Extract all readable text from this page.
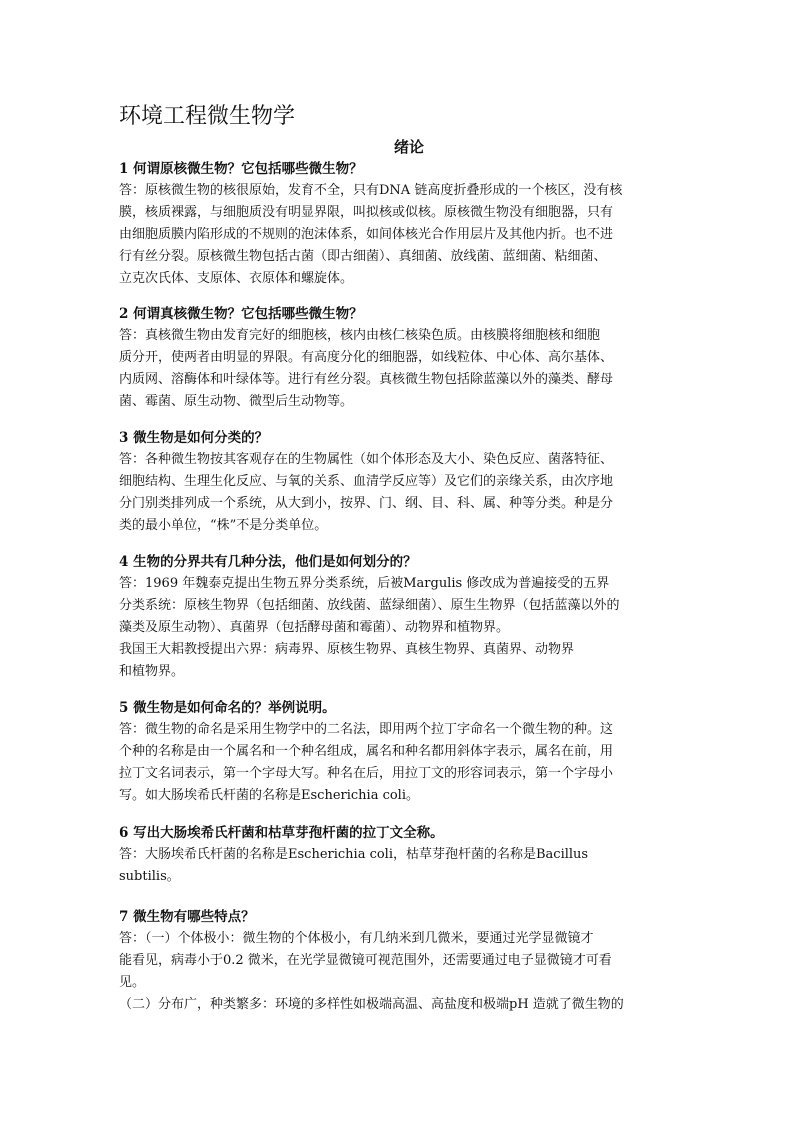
环境工程微生物学
绪论

1 何谓原核微生物？它包括哪些微生物？

答：原核微生物的核很原始，发育不全，只有DNA 链高度折叠形成的一个核区，没有核

膜，核质裸露，与细胞质没有明显界限，叫拟核或似核。原核微生物没有细胞器，只有

由细胞质膜内陷形成的不规则的泡沫体系，如间体核光合作用层片及其他内折。也不进

行有丝分裂。原核微生物包括古菌（即古细菌）、真细菌、放线菌、蓝细菌、粘细菌、

立克次氏体、支原体、衣原体和螺旋体。

2 何谓真核微生物？它包括哪些微生物？

答：真核微生物由发育完好的细胞核，核内由核仁核染色质。由核膜将细胞核和细胞

质分开，使两者由明显的界限。有高度分化的细胞器，如线粒体、中心体、高尔基体、

内质网、溶酶体和叶绿体等。进行有丝分裂。真核微生物包括除蓝藻以外的藻类、酵母

菌、霉菌、原生动物、微型后生动物等。

3 微生物是如何分类的？

答：各种微生物按其客观存在的生物属性（如个体形态及大小、染色反应、菌落特征、

细胞结构、生理生化反应、与氧的关系、血清学反应等）及它们的亲缘关系，由次序地

分门别类排列成一个系统，从大到小，按界、门、纲、目、科、属、种等分类。种是分

类的最小单位，“株”不是分类单位。

4 生物的分界共有几种分法，他们是如何划分的？

答：1969 年魏泰克提出生物五界分类系统，后被Margulis 修改成为普遍接受的五界

分类系统：原核生物界（包括细菌、放线菌、蓝绿细菌）、原生生物界（包括蓝藻以外的

藻类及原生动物）、真菌界（包括酵母菌和霉菌）、动物界和植物界。

我国王大耜教授提出六界：病毒界、原核生物界、真核生物界、真菌界、动物界

和植物界。

5 微生物是如何命名的？举例说明。

答：微生物的命名是采用生物学中的二名法，即用两个拉丁字命名一个微生物的种。这

个种的名称是由一个属名和一个种名组成，属名和种名都用斜体字表示，属名在前，用

拉丁文名词表示，第一个字母大写。种名在后，用拉丁文的形容词表示，第一个字母小

写。如大肠埃希氏杆菌的名称是Escherichia coli。

6 写出大肠埃希氏杆菌和枯草芽孢杆菌的拉丁文全称。

答：大肠埃希氏杆菌的名称是Escherichia coli，枯草芽孢杆菌的名称是Bacillus

subtilis。

7 微生物有哪些特点？

答：（一）个体极小：微生物的个体极小，有几纳米到几微米，要通过光学显微镜才

能看见，病毒小于0.2 微米，在光学显微镜可视范围外，还需要通过电子显微镜才可看

见。

（二）分布广，种类繁多：环境的多样性如极端高温、高盐度和极端pH 造就了微生物的
